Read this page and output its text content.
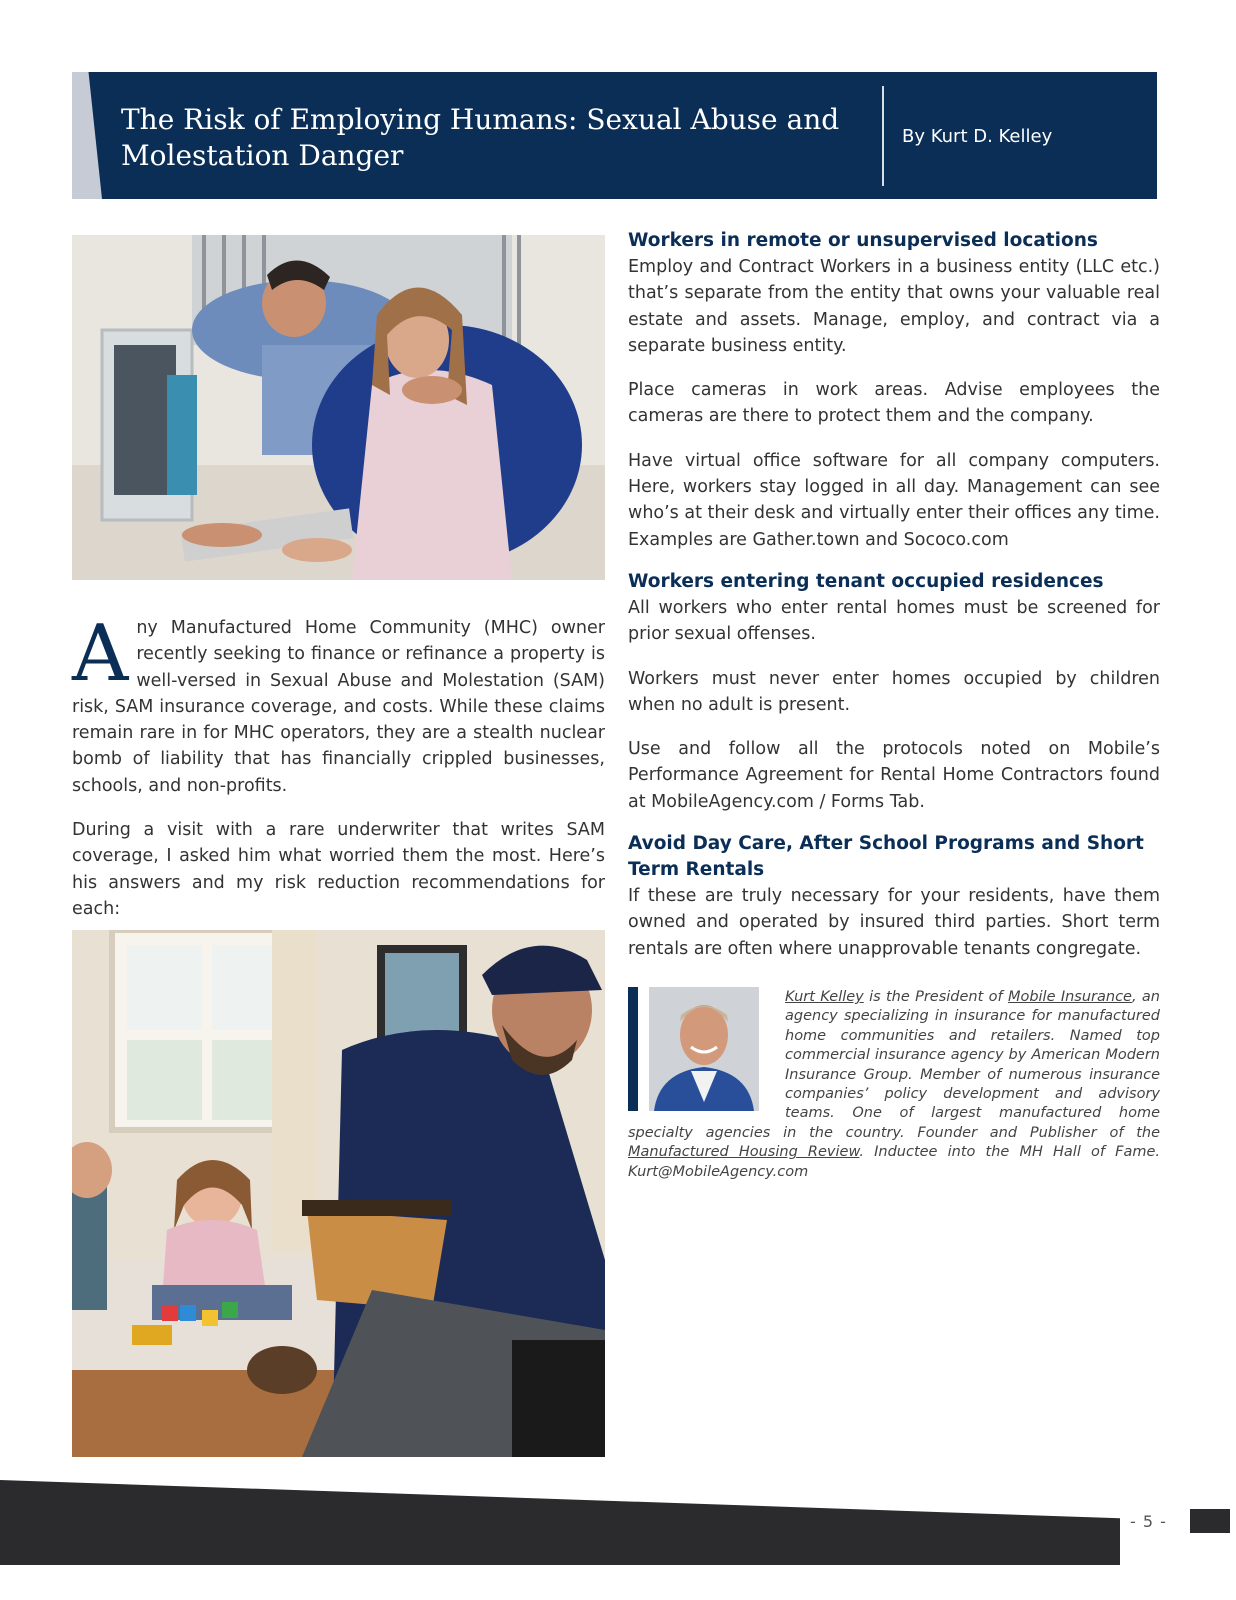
The Risk of Employing Humans: Sexual Abuse and Molestation Danger
By Kurt D. Kelley
Any Manufactured Home Community (MHC) owner recently seeking to finance or refinance a property is well-versed in Sexual Abuse and Molestation (SAM) risk, SAM insurance coverage, and costs. While these claims remain rare in for MHC operators, they are a stealth nuclear bomb of liability that has financially crippled businesses, schools, and non-profits.
During a visit with a rare underwriter that writes SAM coverage, I asked him what worried them the most. Here’s his answers and my risk reduction recommendations for each:
Workers in remote or unsupervised locations

Employ and Contract Workers in a business entity (LLC etc.) that’s separate from the entity that owns your valuable real estate and assets. Manage, employ, and contract via a separate business entity.

Place cameras in work areas. Advise employees the cameras are there to protect them and the company.

Have virtual office software for all company computers. Here, workers stay logged in all day. Management can see who’s at their desk and virtually enter their offices any time. Examples are Gather.town and Sococo.com

Workers entering tenant occupied residences

All workers who enter rental homes must be screened for prior sexual offenses.

Workers must never enter homes occupied by children when no adult is present.

Use and follow all the protocols noted on Mobile’s Performance Agreement for Rental Home Contractors found at MobileAgency.com / Forms Tab.

Avoid Day Care, After School Programs and Short Term Rentals

If these are truly necessary for your residents, have them owned and operated by insured third parties. Short term rentals are often where unapprovable tenants congregate.

Kurt Kelley is the President of Mobile Insurance, an agency specializing in insurance for manufactured home communities and retailers. Named top commercial insurance agency by American Modern Insurance Group. Member of numerous insurance companies’ policy development and advisory teams. One of largest manufactured home specialty agencies in the country. Founder and Publisher of the Manufactured Housing Review. Inductee into the MH Hall of Fame. Kurt@MobileAgency.com
- 5 -
